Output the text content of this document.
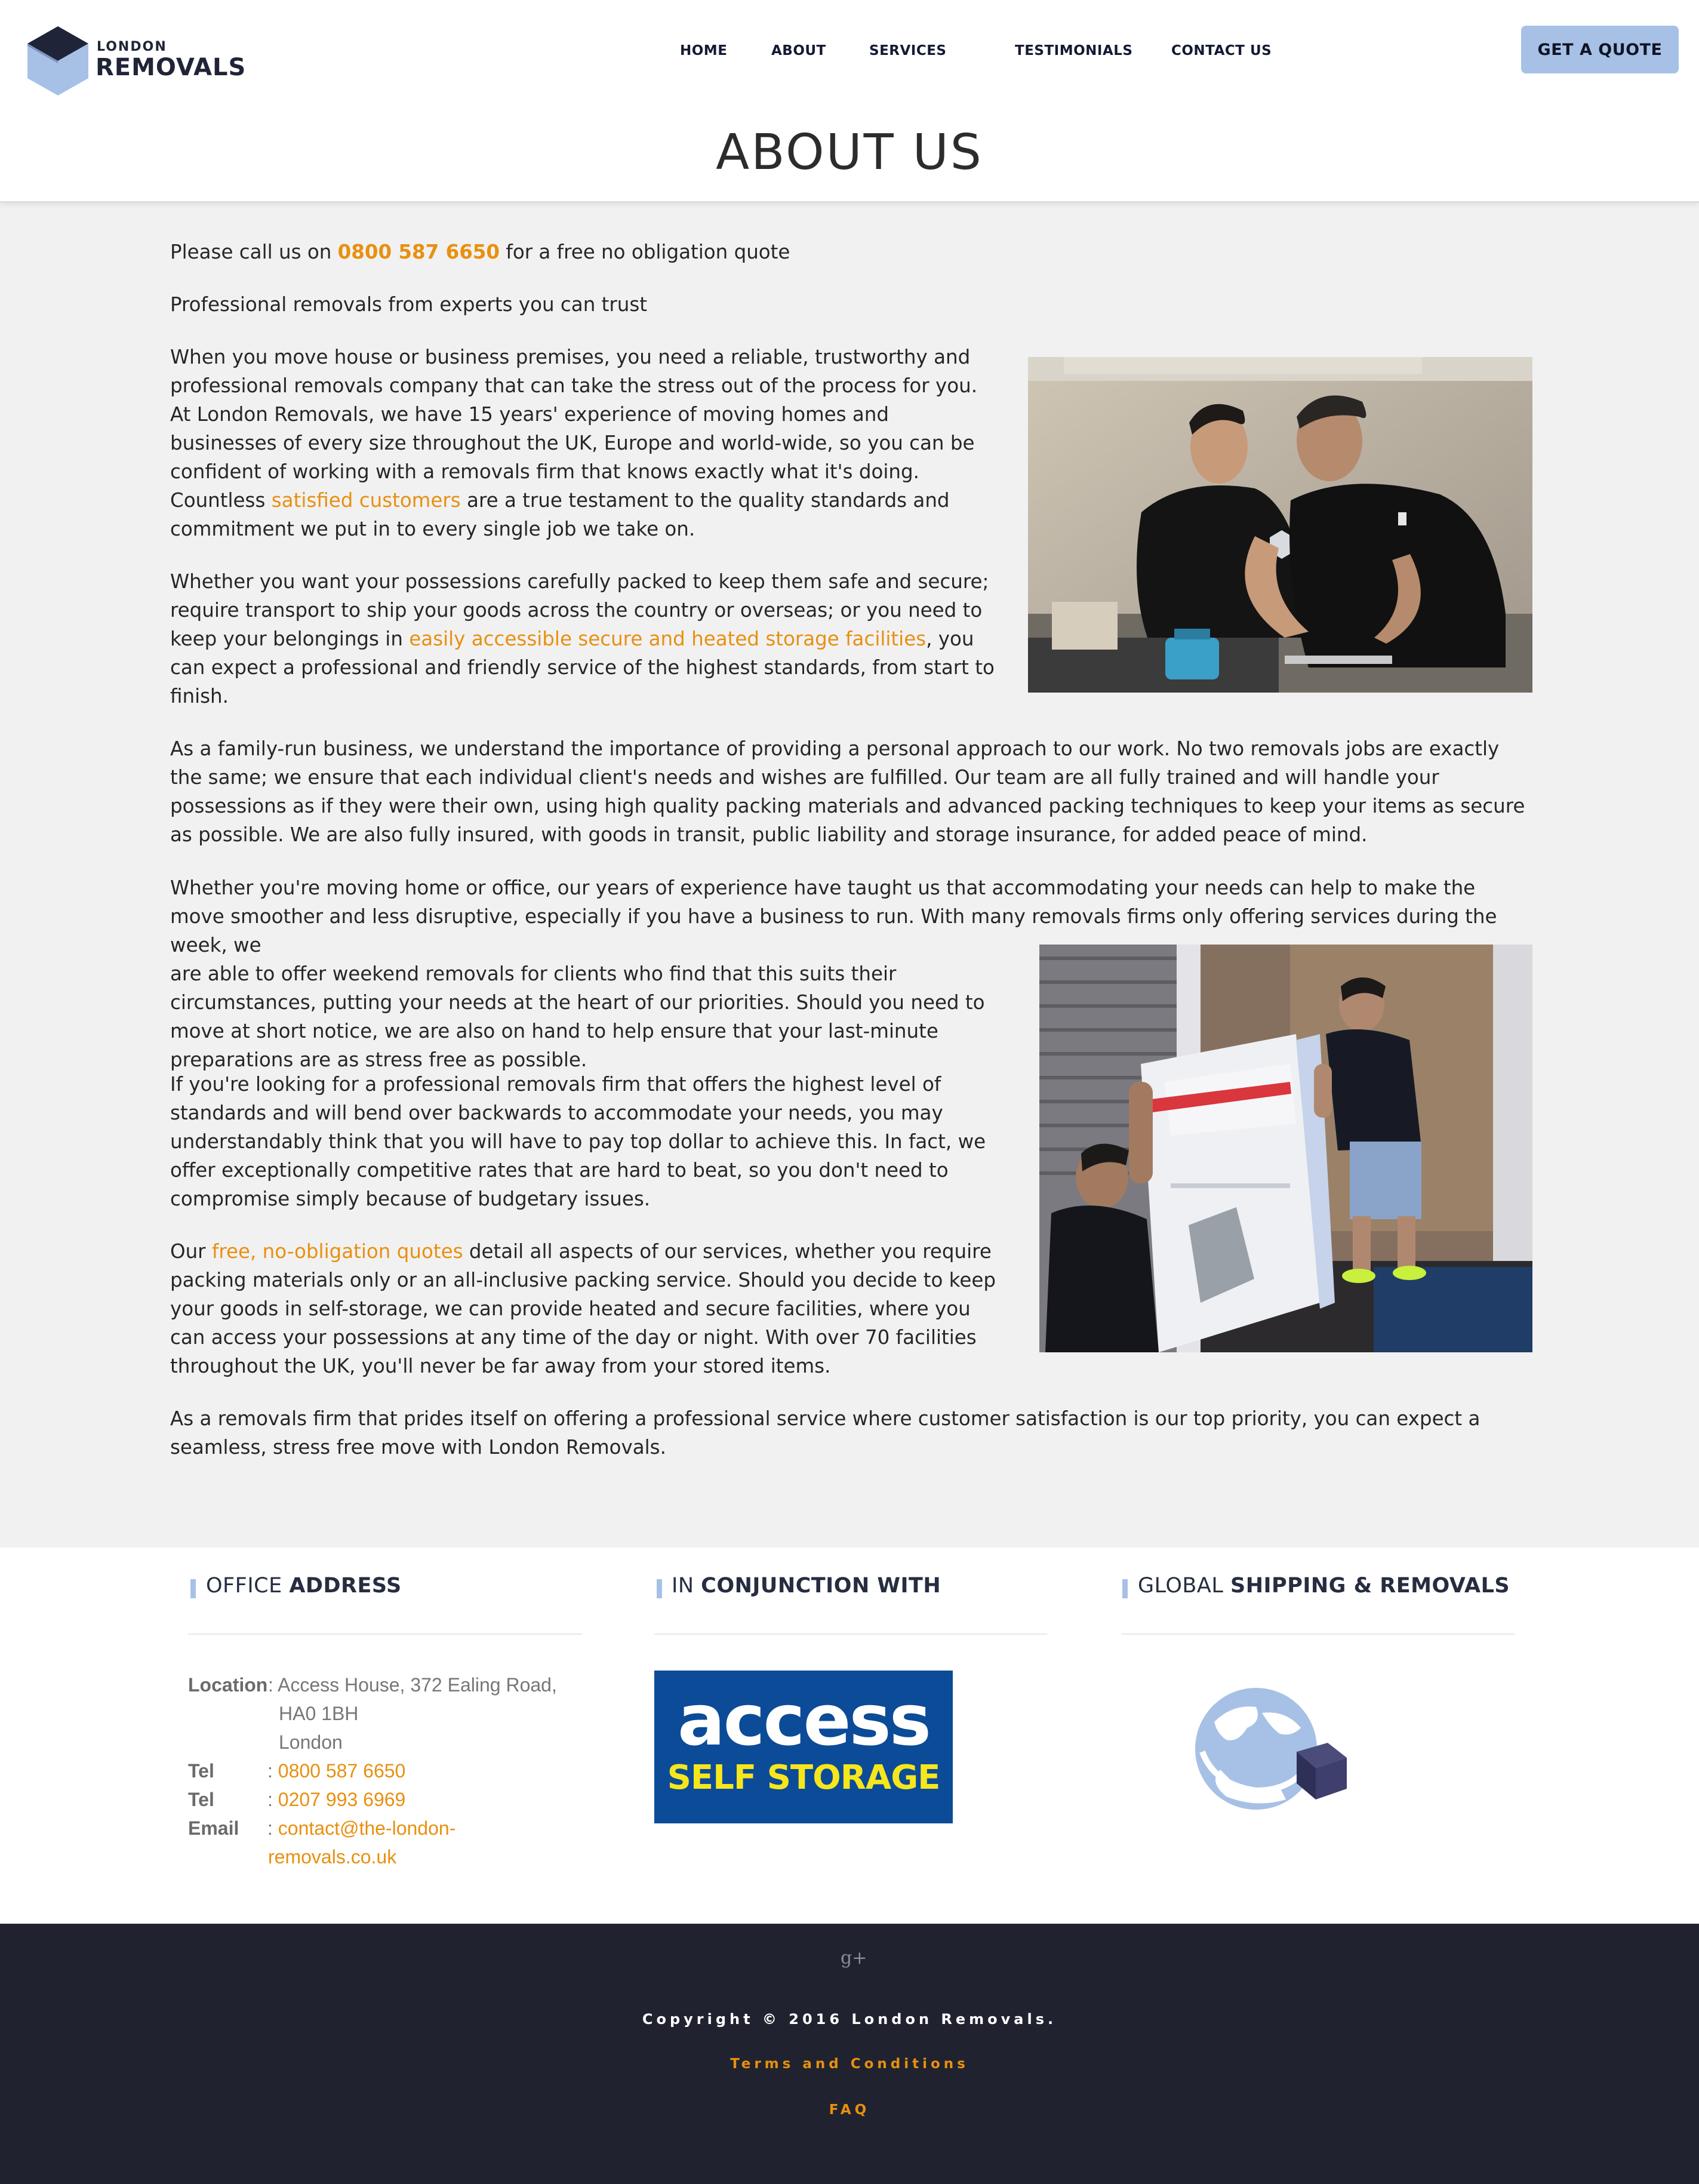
LONDON
REMOVALS
HOME	ABOUT	SERVICES	TESTIMONIALS	CONTACT US	GET A QUOTE
ABOUT US
Please call us on 0800 587 6650 for a free no obligation quote
Professional removals from experts you can trust
When you move house or business premises, you need a reliable, trustworthy and professional removals company that can take the stress out of the process for you. At London Removals, we have 15 years' experience of moving homes and businesses of every size throughout the UK, Europe and world-wide, so you can be confident of working with a removals firm that knows exactly what it's doing. Countless satisfied customers are a true testament to the quality standards and commitment we put in to every single job we take on.
Whether you want your possessions carefully packed to keep them safe and secure; require transport to ship your goods across the country or overseas; or you need to keep your belongings in easily accessible secure and heated storage facilities, you can expect a professional and friendly service of the highest standards, from start to finish.
As a family-run business, we understand the importance of providing a personal approach to our work. No two removals jobs are exactly the same; we ensure that each individual client's needs and wishes are fulfilled. Our team are all fully trained and will handle your possessions as if they were their own, using high quality packing materials and advanced packing techniques to keep your items as secure as possible. We are also fully insured, with goods in transit, public liability and storage insurance, for added peace of mind.
Whether you're moving home or office, our years of experience have taught us that accommodating your needs can help to make the move smoother and less disruptive, especially if you have a business to run. With many removals firms only offering services during the week, we
are able to offer weekend removals for clients who find that this suits their circumstances, putting your needs at the heart of our priorities. Should you need to move at short notice, we are also on hand to help ensure that your last-minute preparations are as stress free as possible.
If you're looking for a professional removals firm that offers the highest level of standards and will bend over backwards to accommodate your needs, you may understandably think that you will have to pay top dollar to achieve this. In fact, we offer exceptionally competitive rates that are hard to beat, so you don't need to compromise simply because of budgetary issues.
Our free, no-obligation quotes detail all aspects of our services, whether you require packing materials only or an all-inclusive packing service. Should you decide to keep your goods in self-storage, we can provide heated and secure facilities, where you can access your possessions at any time of the day or night. With over 70 facilities throughout the UK, you'll never be far away from your stored items.
As a removals firm that prides itself on offering a professional service where customer satisfaction is our top priority, you can expect a seamless, stress free move with London Removals.
OFFICE ADDRESS	IN CONJUNCTION WITH	GLOBAL SHIPPING & REMOVALS
Location : Access House, 372 Ealing Road,
HA0 1BH
London
Tel	: 0800 587 6650
Tel	: 0207 993 6969
Email : contact@the-london-
removals.co.uk
access
SELF STORAGE
g+
Copyright © 2016 London Removals.
Terms and Conditions
FAQ
